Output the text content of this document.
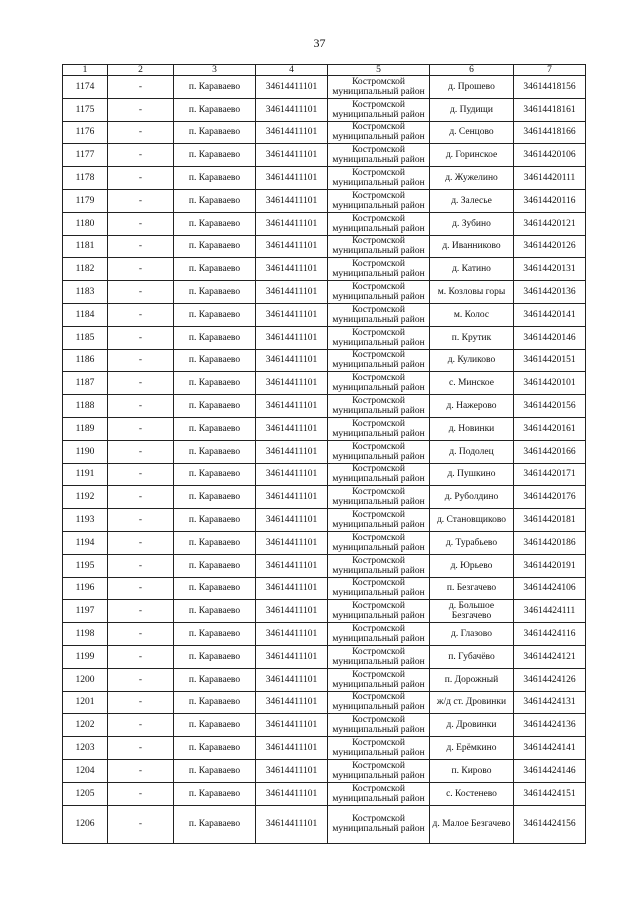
37
1	2	3	4	5	6	7
1174	-	п. Караваево	34614411101	Костромской муниципальный район	д. Прошево	34614418156
1175	-	п. Караваево	34614411101	Костромской муниципальный район	д. Пудищи	34614418161
1176	-	п. Караваево	34614411101	Костромской муниципальный район	д. Сенцово	34614418166
1177	-	п. Караваево	34614411101	Костромской муниципальный район	д. Горинское	34614420106
1178	-	п. Караваево	34614411101	Костромской муниципальный район	д. Жужелино	34614420111
1179	-	п. Караваево	34614411101	Костромской муниципальный район	д. Залесье	34614420116
1180	-	п. Караваево	34614411101	Костромской муниципальный район	д. Зубино	34614420121
1181	-	п. Караваево	34614411101	Костромской муниципальный район	д. Иванниково	34614420126
1182	-	п. Караваево	34614411101	Костромской муниципальный район	д. Катино	34614420131
1183	-	п. Караваево	34614411101	Костромской муниципальный район	м. Козловы горы	34614420136
1184	-	п. Караваево	34614411101	Костромской муниципальный район	м. Колос	34614420141
1185	-	п. Караваево	34614411101	Костромской муниципальный район	п. Крутик	34614420146
1186	-	п. Караваево	34614411101	Костромской муниципальный район	д. Куликово	34614420151
1187	-	п. Караваево	34614411101	Костромской муниципальный район	с. Минское	34614420101
1188	-	п. Караваево	34614411101	Костромской муниципальный район	д. Нажерово	34614420156
1189	-	п. Караваево	34614411101	Костромской муниципальный район	д. Новинки	34614420161
1190	-	п. Караваево	34614411101	Костромской муниципальный район	д. Подолец	34614420166
1191	-	п. Караваево	34614411101	Костромской муниципальный район	д. Пушкино	34614420171
1192	-	п. Караваево	34614411101	Костромской муниципальный район	д. Руболдино	34614420176
1193	-	п. Караваево	34614411101	Костромской муниципальный район	д. Становщиково	34614420181
1194	-	п. Караваево	34614411101	Костромской муниципальный район	д. Турабьево	34614420186
1195	-	п. Караваево	34614411101	Костромской муниципальный район	д. Юрьево	34614420191
1196	-	п. Караваево	34614411101	Костромской муниципальный район	п. Безгачево	34614424106
1197	-	п. Караваево	34614411101	Костромской муниципальный район	д. Большое Безгачево	34614424111
1198	-	п. Караваево	34614411101	Костромской муниципальный район	д. Глазово	34614424116
1199	-	п. Караваево	34614411101	Костромской муниципальный район	п. Губачёво	34614424121
1200	-	п. Караваево	34614411101	Костромской муниципальный район	п. Дорожный	34614424126
1201	-	п. Караваево	34614411101	Костромской муниципальный район	ж/д ст. Дровинки	34614424131
1202	-	п. Караваево	34614411101	Костромской муниципальный район	д. Дровинки	34614424136
1203	-	п. Караваево	34614411101	Костромской муниципальный район	д. Ерёмкино	34614424141
1204	-	п. Караваево	34614411101	Костромской муниципальный район	п. Кирово	34614424146
1205	-	п. Караваево	34614411101	Костромской муниципальный район	с. Костенево	34614424151
1206	-	п. Караваево	34614411101	Костромской муниципальный район	д. Малое Безгачево	34614424156
